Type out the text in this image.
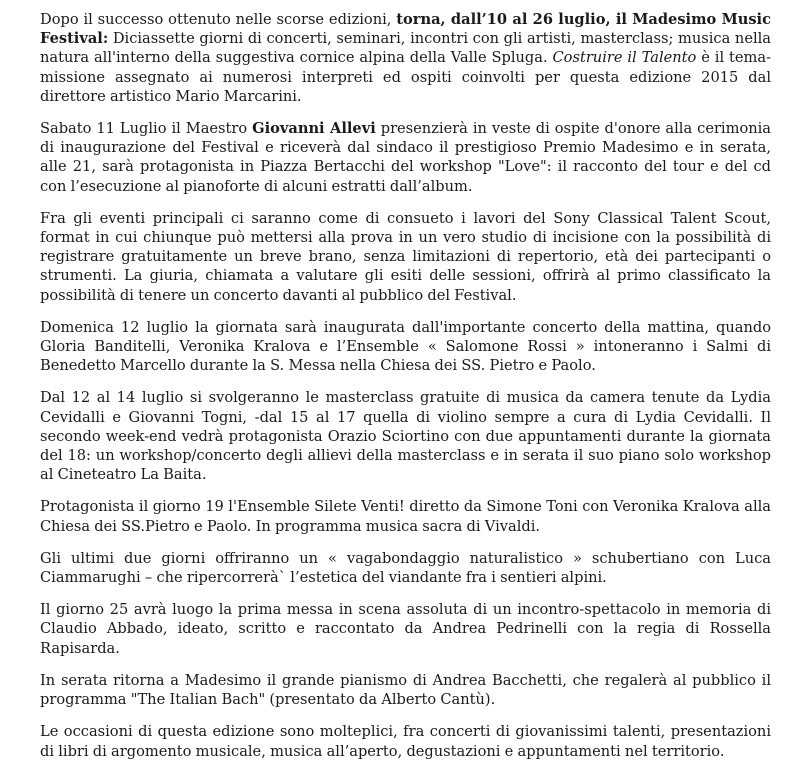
Dopo il successo ottenuto nelle scorse edizioni, torna, dall’10 al 26 luglio, il Madesimo Music Festival: Diciassette giorni di concerti, seminari, incontri con gli artisti, masterclass; musica nella natura all'interno della suggestiva cornice alpina della Valle Spluga. Costruire il Talento è il tema-missione assegnato ai numerosi interpreti ed ospiti coinvolti per questa edizione 2015 dal direttore artistico Mario Marcarini.

Sabato 11 Luglio il Maestro Giovanni Allevi presenzierà in veste di ospite d'onore alla cerimonia di inaugurazione del Festival e riceverà dal sindaco il prestigioso Premio Madesimo e in serata, alle 21, sarà protagonista in Piazza Bertacchi del workshop "Love": il racconto del tour e del cd con l’esecuzione al pianoforte di alcuni estratti dall’album.

Fra gli eventi principali ci saranno come di consueto i lavori del Sony Classical Talent Scout, format in cui chiunque può mettersi alla prova in un vero studio di incisione con la possibilità di registrare gratuitamente un breve brano, senza limitazioni di repertorio, età dei partecipanti o strumenti. La giuria, chiamata a valutare gli esiti delle sessioni, offrirà al primo classificato la possibilità di tenere un concerto davanti al pubblico del Festival.

Domenica 12 luglio la giornata sarà inaugurata dall'importante concerto della mattina, quando Gloria Banditelli, Veronika Kralova e l’Ensemble « Salomone Rossi » intoneranno i Salmi di Benedetto Marcello durante la S. Messa nella Chiesa dei SS. Pietro e Paolo.

Dal 12 al 14 luglio si svolgeranno le masterclass gratuite di musica da camera tenute da Lydia Cevidalli e Giovanni Togni, -dal 15 al 17 quella di violino sempre a cura di Lydia Cevidalli. Il secondo week-end vedrà protagonista Orazio Sciortino con due appuntamenti durante la giornata del 18: un workshop/concerto degli allievi della masterclass e in serata il suo piano solo workshop al Cineteatro La Baita.

Protagonista il giorno 19 l'Ensemble Silete Venti! diretto da Simone Toni con Veronika Kralova alla Chiesa dei SS.Pietro e Paolo. In programma musica sacra di Vivaldi.

Gli ultimi due giorni offriranno un « vagabondaggio naturalistico » schubertiano con Luca Ciammarughi – che ripercorrerà` l’estetica del viandante fra i sentieri alpini.

Il giorno 25 avrà luogo la prima messa in scena assoluta di un incontro-spettacolo in memoria di Claudio Abbado, ideato, scritto e raccontato da Andrea Pedrinelli con la regia di Rossella Rapisarda.

In serata ritorna a Madesimo il grande pianismo di Andrea Bacchetti, che regalerà al pubblico il programma "The Italian Bach" (presentato da Alberto Cantù).

Le occasioni di questa edizione sono molteplici, fra concerti di giovanissimi talenti, presentazioni di libri di argomento musicale, musica all’aperto, degustazioni e appuntamenti nel territorio.
